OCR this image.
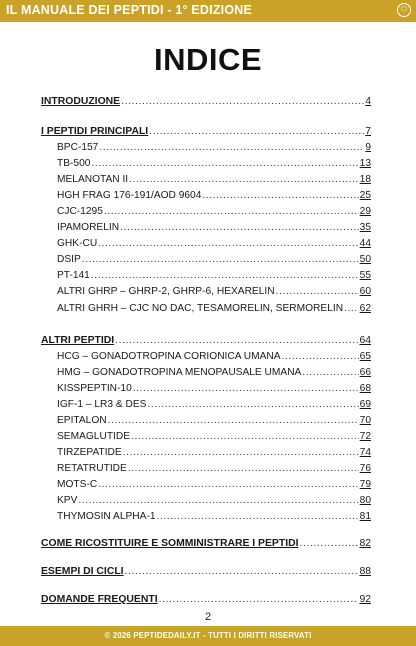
IL MANUALE DEI PEPTIDI - 1° EDIZIONE	⬡
INDICE
INTRODUZIONE .....	4
I PEPTIDI PRINCIPALI .....	7
BPC-157 .....	9
TB-500 .....	13
MELANOTAN II .....	18
HGH FRAG 176-191/AOD 9604 .....	25
CJC-1295 .....	29
IPAMORELIN .....	35
GHK-CU .....	44
DSIP .....	50
PT-141 .....	55
ALTRI GHRP – GHRP-2, GHRP-6, HEXARELIN .....	60
ALTRI GHRH – CJC NO DAC, TESAMORELIN, SERMORELIN ..... 62
ALTRI PEPTIDI .....	64
HCG – GONADOTROPINA CORIONICA UMANA .....	65
HMG – GONADOTROPINA MENOPAUSALE UMANA .....	66
KISSPEPTIN-10 .....	68
IGF-1 – LR3 & DES .....	69
EPITALON .....	70
SEMAGLUTIDE .....	72
TIRZEPATIDE .....	74
RETATRUTIDE .....	76
MOTS-C .....	79
KPV .....	80
THYMOSIN ALPHA-1 .....	81
COME RICOSTITUIRE E SOMMINISTRARE I PEPTIDI .....	82
ESEMPI DI CICLI .....	88
DOMANDE FREQUENTI .....	92
2
© 2026 PEPTIDEDAILY.IT - TUTTI I DIRITTI RISERVATI
